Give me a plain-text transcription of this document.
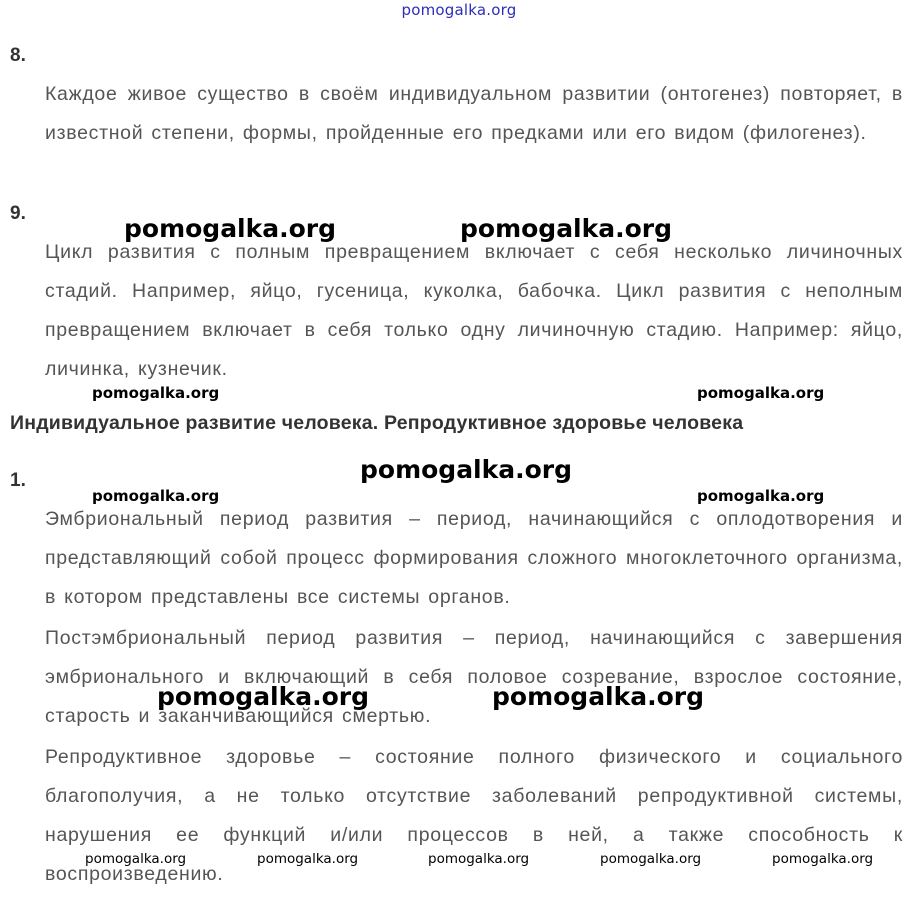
pomogalka.org
8.
Каждое живое существо в своём индивидуальном развитии (онтогенез) повторяет, в известной степени, формы, пройденные его предками или его видом (филогенез).
9.
Цикл развития с полным превращением включает с себя несколько личиночных стадий. Например, яйцо, гусеница, куколка, бабочка. Цикл развития с неполным превращением включает в себя только одну личиночную стадию. Например: яйцо, личинка, кузнечик.
Индивидуальное развитие человека. Репродуктивное здоровье человека
1.
Эмбриональный период развития – период, начинающийся с оплодотворения и представляющий собой процесс формирования сложного многоклеточного организма, в котором представлены все системы органов.
Постэмбриональный период развития – период, начинающийся с завершения эмбрионального и включающий в себя половое созревание, взрослое состояние, старость и заканчивающийся смертью.
Репродуктивное здоровье – состояние полного физического и социального благополучия, а не только отсутствие заболеваний репродуктивной системы, нарушения ее функций и/или процессов в ней, а также способность к воспроизведению.
pomogalka.org	pomogalka.org
pomogalka.org	pomogalka.org
pomogalka.org
pomogalka.org	pomogalka.org
pomogalka.org	pomogalka.org
pomogalka.org	pomogalka.org	pomogalka.org	pomogalka.org	pomogalka.org
